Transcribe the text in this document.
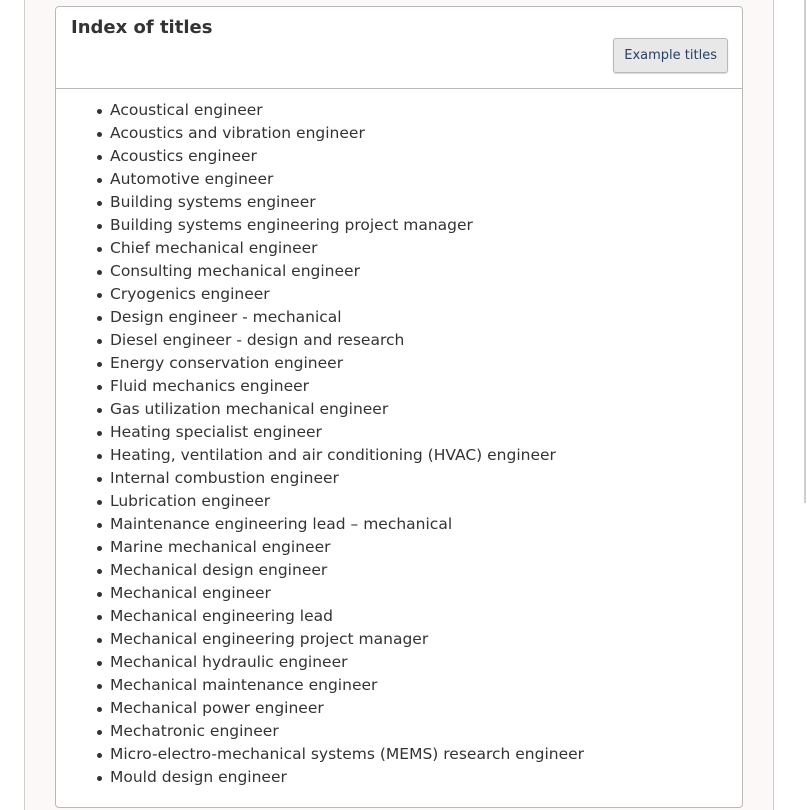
Index of titles
Example titles
Acoustical engineer
Acoustics and vibration engineer
Acoustics engineer
Automotive engineer
Building systems engineer
Building systems engineering project manager
Chief mechanical engineer
Consulting mechanical engineer
Cryogenics engineer
Design engineer - mechanical
Diesel engineer - design and research
Energy conservation engineer
Fluid mechanics engineer
Gas utilization mechanical engineer
Heating specialist engineer
Heating, ventilation and air conditioning (HVAC) engineer
Internal combustion engineer
Lubrication engineer
Maintenance engineering lead – mechanical
Marine mechanical engineer
Mechanical design engineer
Mechanical engineer
Mechanical engineering lead
Mechanical engineering project manager
Mechanical hydraulic engineer
Mechanical maintenance engineer
Mechanical power engineer
Mechatronic engineer
Micro-electro-mechanical systems (MEMS) research engineer
Mould design engineer
